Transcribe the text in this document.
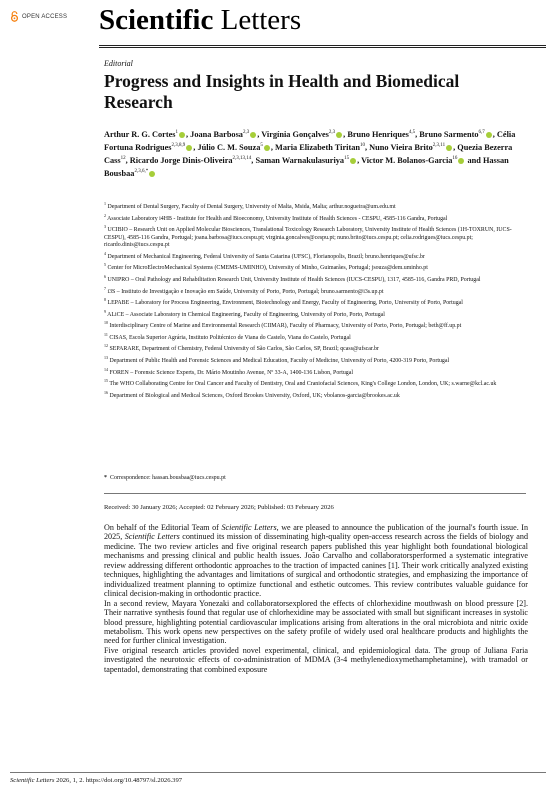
OPEN ACCESS Scientific Letters
Editorial
Progress and Insights in Health and Biomedical Research
Arthur R. G. Cortes$^1$ , Joana Barbosa$^{2,3}$ , Virgínia Gonçalves$^{2,3}$ , Bruno Henriques$^{4,5}$, Bruno Sarmento$^{6,7}$ , Célia Fortuna Rodrigues$^{2,3,8,9}$ , Júlio C. M. Souza$^5$ , Maria Elizabeth Tiritan$^{10}$, Nuno Vieira Brito$^{2,3,11}$ , Quezia Bezerra Cass$^{12}$, Ricardo Jorge Dinis-Oliveira$^{2,3,13,14}$, Saman Warnakulasuriya$^{15}$ , Victor M. Bolanos-Garcia$^{16}$ and Hassan Bousbaa$^{2,3,6,*}$

$^1$ Department of Dental Surgery, Faculty of Dental Surgery, University of Malta, Msida, Malta; arthur.nogueira@um.edu.mt

$^2$ Associate Laboratory i4HB - Institute for Health and Bioeconomy, University Institute of Health Sciences - CESPU, 4585-116 Gandra, Portugal

$^3$ UCIBIO – Research Unit on Applied Molecular Biosciences, Translational Toxicology Research Laboratory, University Institute of Health Sciences (1H-TOXRUN, IUCS-CESPU), 4585-116 Gandra, Portugal; joana.barbosa@iucs.cespu.pt; virginia.goncalves@cespu.pt; nuno.brito@iucs.cespu.pt; celia.rodrigues@iucs.cespu.pt; ricardo.dinis@iucs.cespu.pt

$^4$ Department of Mechanical Engineering, Federal University of Santa Catarina (UFSC), Florianopolis, Brazil; bruno.henriques@ufsc.br

$^5$ Center for MicroElectroMechanical Systems (CMEMS-UMINHO), University of Minho, Guimarães, Portugal; jsouza@dem.uminho.pt

$^6$ UNIPRO – Oral Pathology and Rehabilitation Research Unit, University Institute of Health Sciences (IUCS-CESPU), 1317, 4585-116, Gandra PRD, Portugal

$^7$ i3S – Instituto de Investigação e Inovação em Saúde, University of Porto, Porto, Portugal; bruno.sarmento@i3s.up.pt

$^8$ LEPABE – Laboratory for Process Engineering, Environment, Biotechnology and Energy, Faculty of Engineering, Porto, University of Porto, Portugal

$^9$ ALiCE – Associate Laboratory in Chemical Engineering, Faculty of Engineering, University of Porto, Porto, Portugal

$^{10}$ Interdisciplinary Centre of Marine and Environmental Research (CIIMAR), Faculty of Pharmacy, University of Porto, Porto, Portugal; beth@ff.up.pt

$^{11}$ CISAS, Escola Superior Agrária, Instituto Politécnico de Viana do Castelo, Viana do Castelo, Portugal

$^{12}$ SEPARARE, Department of Chemistry, Federal University of São Carlos, São Carlos, SP, Brazil; qcass@ufscar.br

$^{13}$ Department of Public Health and Forensic Sciences and Medical Education, Faculty of Medicine, University of Porto, 4200-319 Porto, Portugal

$^{14}$ FOREN – Forensic Science Experts, Dr. Mário Moutinho Avenue, Nº 33-A, 1400-136 Lisbon, Portugal

$^{15}$ The WHO Collaborating Centre for Oral Cancer and Faculty of Dentistry, Oral and Craniofacial Sciences, King's College London, London, UK; s.warne@kcl.ac.uk

$^{16}$ Department of Biological and Medical Sciences, Oxford Brookes University, Oxford, UK; vbolanos-garcia@brookes.ac.uk

* Correspondence: hassan.bousbaa@iucs.cespu.pt
Received: 30 January 2026; Accepted: 02 February 2026; Published: 03 February 2026

On behalf of the Editorial Team of Scientific Letters, we are pleased to announce the publication of the journal's fourth issue. In 2025, Scientific Letters continued its mission of disseminating high-quality open-access research across the fields of biology and medicine. The two review articles and five original research papers published this year highlight both foundational biological mechanisms and pressing clinical and public health issues. João Carvalho and collaboratorsperformed a systematic integrative review addressing different orthodontic approaches to the traction of impacted canines [1]. Their work critically analyzed existing techniques, highlighting the advantages and limitations of surgical and orthodontic strategies, and emphasizing the importance of individualized treatment planning to optimize functional and esthetic outcomes. This review contributes valuable guidance for clinical decision-making in orthodontic practice.

In a second review, Mayara Yonezaki and collaboratorsexplored the effects of chlorhexidine mouthwash on blood pressure [2]. Their narrative synthesis found that regular use of chlorhexidine may be associated with small but significant increases in systolic blood pressure, highlighting potential cardiovascular implications arising from alterations in the oral microbiota and nitric oxide metabolism. This work opens new perspectives on the safety profile of widely used oral healthcare products and highlights the need for further clinical investigation.

Five original research articles provided novel experimental, clinical, and epidemiological data. The group of Juliana Faria investigated the neurotoxic effects of co-administration of MDMA (3-4 methylenedioxymethamphetamine), with tramadol or tapentadol, demonstrating that combined exposure

Scientific Letters 2026, 1, 2. https://doi.org/10.48797/sl.2026.397
